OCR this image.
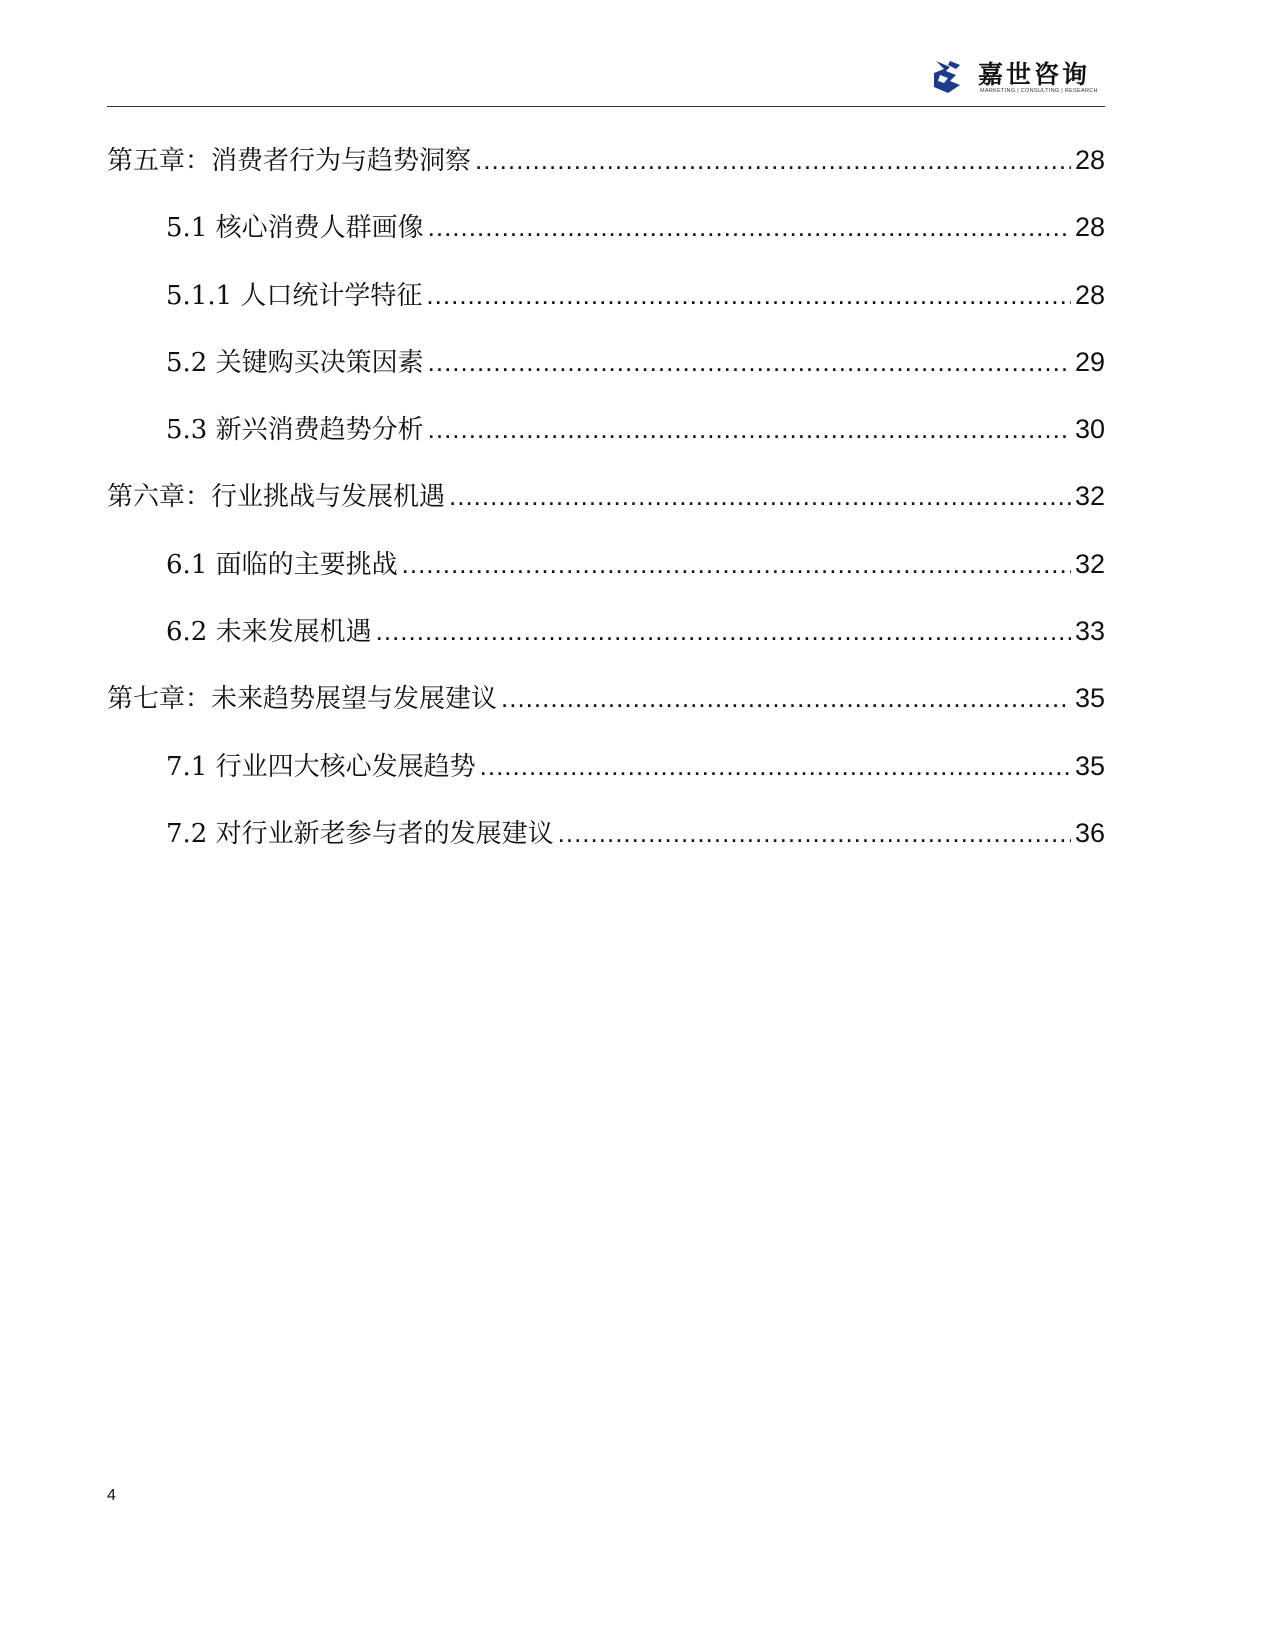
嘉世咨询
MARKETING | CONSULTING | RESEARCH
第五章：消费者行为与趋势洞察 .....	28
5.1 核心消费人群画像 .....	28
5.1.1 人口统计学特征 .....	28
5.2 关键购买决策因素 .....	29
5.3 新兴消费趋势分析 .....	30
第六章：行业挑战与发展机遇 .....	32
6.1 面临的主要挑战 .....	32
6.2 未来发展机遇 .....	33
第七章：未来趋势展望与发展建议 .....	35
7.1 行业四大核心发展趋势 .....	35
7.2 对行业新老参与者的发展建议 .....	36
4
